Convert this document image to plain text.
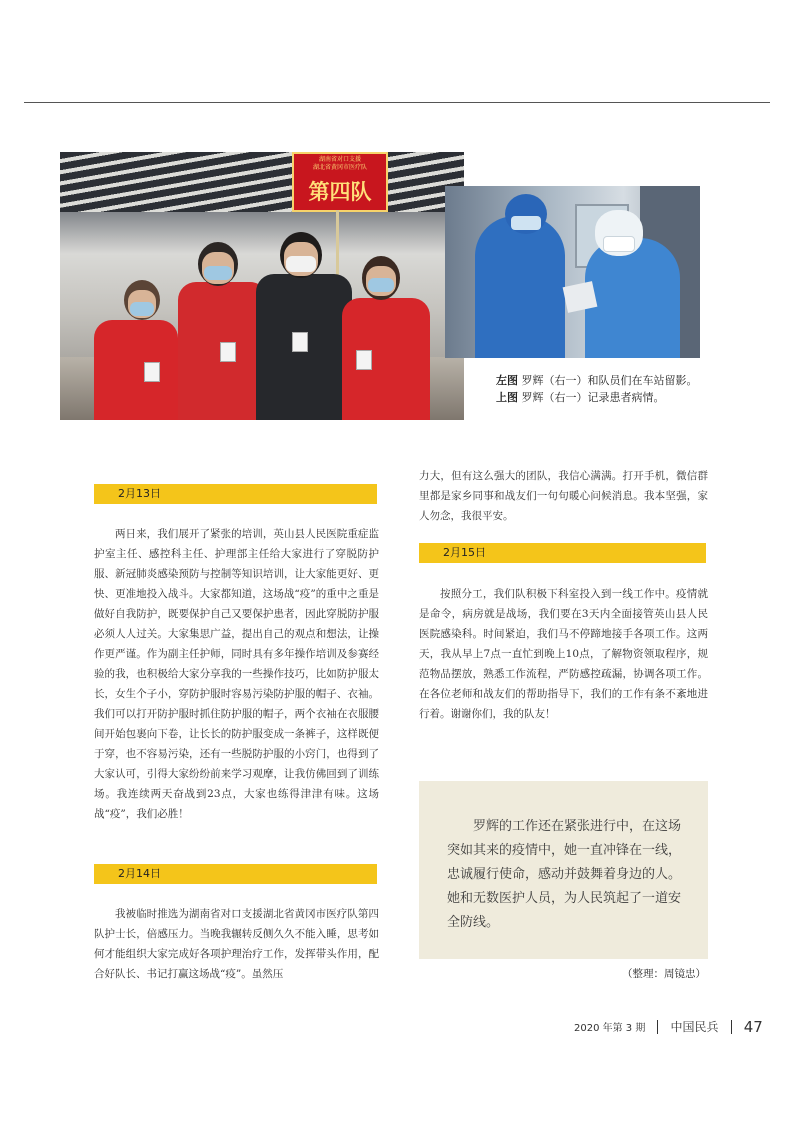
湖南省对口支援
湖北省黄冈市医疗队
第四队
左图 罗辉（右一）和队员们在车站留影。
上图 罗辉（右一）记录患者病情。
2月13日

两日来，我们展开了紧张的培训，英山县人民医院重症监护室主任、感控科主任、护理部主任给大家进行了穿脱防护服、新冠肺炎感染预防与控制等知识培训，让大家能更好、更快、更准地投入战斗。大家都知道，这场战“疫”的重中之重是做好自我防护，既要保护自己又要保护患者，因此穿脱防护服必须人人过关。大家集思广益，提出自己的观点和想法，让操作更严谨。作为副主任护师，同时具有多年操作培训及参赛经验的我，也积极给大家分享我的一些操作技巧，比如防护服太长，女生个子小，穿防护服时容易污染防护服的帽子、衣袖。我们可以打开防护服时抓住防护服的帽子，两个衣袖在衣服腰间开始包裹向下卷，让长长的防护服变成一条裤子，这样既便于穿，也不容易污染，还有一些脱防护服的小窍门，也得到了大家认可，引得大家纷纷前来学习观摩，让我仿佛回到了训练场。我连续两天奋战到23点，大家也练得津津有味。这场战“疫”，我们必胜！

2月14日

我被临时推选为湖南省对口支援湖北省黄冈市医疗队第四队护士长，倍感压力。当晚我辗转反侧久久不能入睡，思考如何才能组织大家完成好各项护理治疗工作，发挥带头作用，配合好队长、书记打赢这场战“疫”。虽然压

力大，但有这么强大的团队，我信心满满。打开手机，微信群里都是家乡同事和战友们一句句暖心问候消息。我本坚强，家人勿念，我很平安。

2月15日

按照分工，我们队积极下科室投入到一线工作中。疫情就是命令，病房就是战场，我们要在3天内全面接管英山县人民医院感染科。时间紧迫，我们马不停蹄地接手各项工作。这两天，我从早上7点一直忙到晚上10点，了解物资领取程序，规范物品摆放，熟悉工作流程，严防感控疏漏，协调各项工作。在各位老师和战友们的帮助指导下，我们的工作有条不紊地进行着。谢谢你们，我的队友！

罗辉的工作还在紧张进行中，在这场突如其来的疫情中，她一直冲锋在一线，忠诚履行使命，感动并鼓舞着身边的人。她和无数医护人员，为人民筑起了一道安全防线。

（整理：周镜忠）
2020 年第 3 期 中国民兵 47
